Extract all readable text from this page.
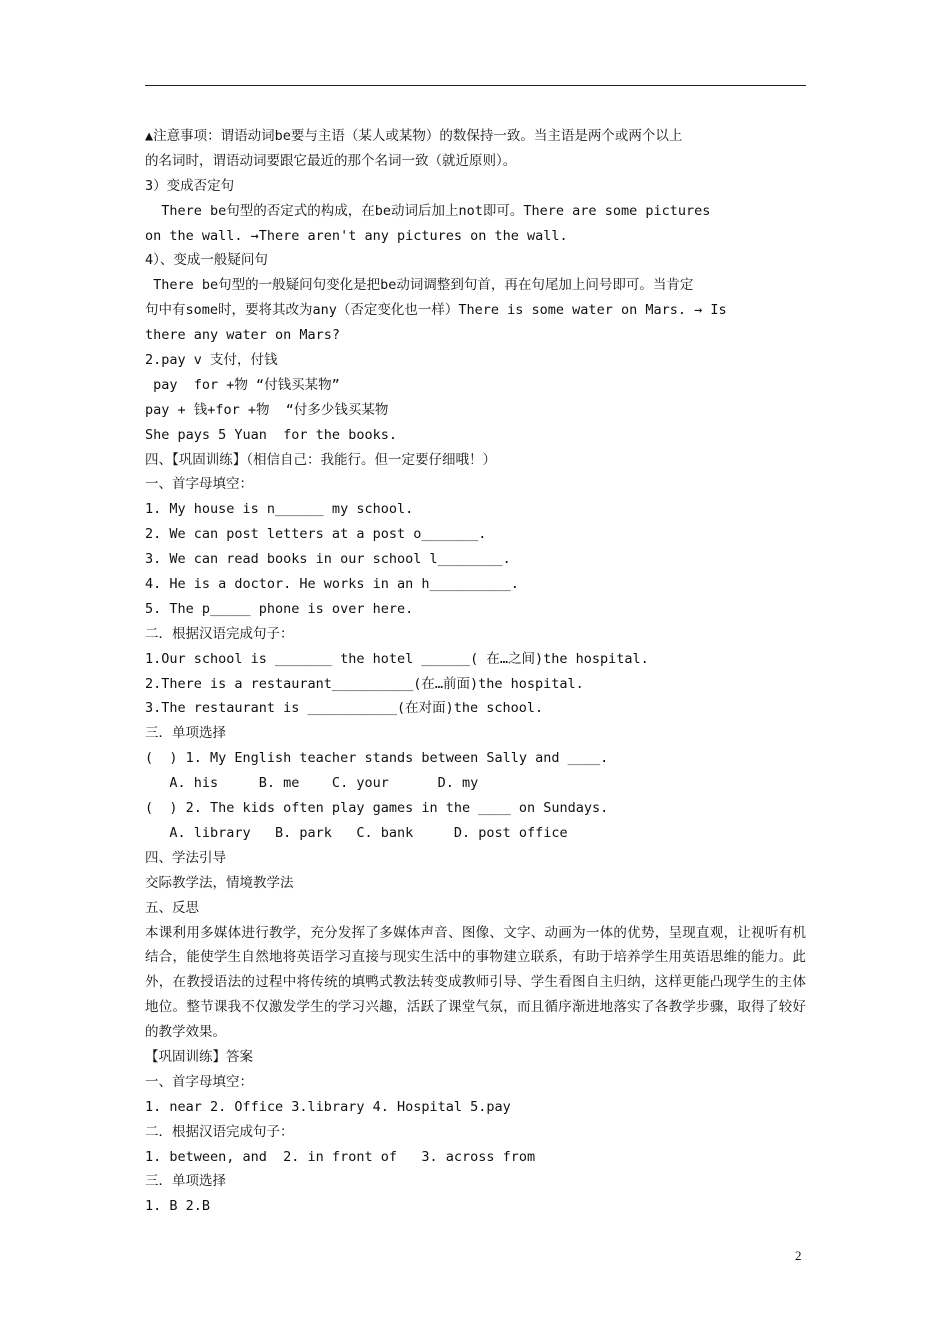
▲注意事项：谓语动词be要与主语（某人或某物）的数保持一致。当主语是两个或两个以上
的名词时，谓语动词要跟它最近的那个名词一致（就近原则）。
3）变成否定句
There be句型的否定式的构成，在be动词后加上not即可。There are some pictures
on the wall. →There aren't any pictures on the wall.
4）、变成一般疑问句
There be句型的一般疑问句变化是把be动词调整到句首，再在句尾加上问号即可。当肯定
句中有some时，要将其改为any（否定变化也一样）There is some water on Mars. → Is
there any water on Mars?
2.pay v 支付，付钱
pay  for +物 “付钱买某物”
pay + 钱+for +物  “付多少钱买某物
She pays 5 Yuan  for the books.
四、【巩固训练】（相信自己：我能行。但一定要仔细哦！）
一、首字母填空：
1. My house is n______ my school.
2. We can post letters at a post o_______.
3. We can read books in our school l________.
4. He is a doctor. He works in an h__________.
5. The p_____ phone is over here.
二．根据汉语完成句子：
1.Our school is _______ the hotel ______( 在…之间)the hospital.
2.There is a restaurant__________(在…前面)the hospital.
3.The restaurant is ___________(在对面)the school.
三．单项选择
(  ) 1. My English teacher stands between Sally and ____.
A. his     B. me    C. your      D. my
(  ) 2. The kids often play games in the ____ on Sundays.
A. library   B. park   C. bank     D. post office
四、学法引导
交际教学法，情境教学法
五、反思
本课利用多媒体进行教学，充分发挥了多媒体声音、图像、文字、动画为一体的优势，呈现直观，让视听有机结合，能使学生自然地将英语学习直接与现实生活中的事物建立联系，有助于培养学生用英语思维的能力。此外，在教授语法的过程中将传统的填鸭式教法转变成教师引导、学生看图自主归纳，这样更能凸现学生的主体地位。整节课我不仅激发学生的学习兴趣，活跃了课堂气氛，而且循序渐进地落实了各教学步骤，取得了较好的教学效果。
【巩固训练】答案
一、首字母填空：
1. near 2. Office 3.library 4. Hospital 5.pay
二．根据汉语完成句子：
1. between, and  2. in front of   3. across from
三．单项选择
1. B 2.B
2
